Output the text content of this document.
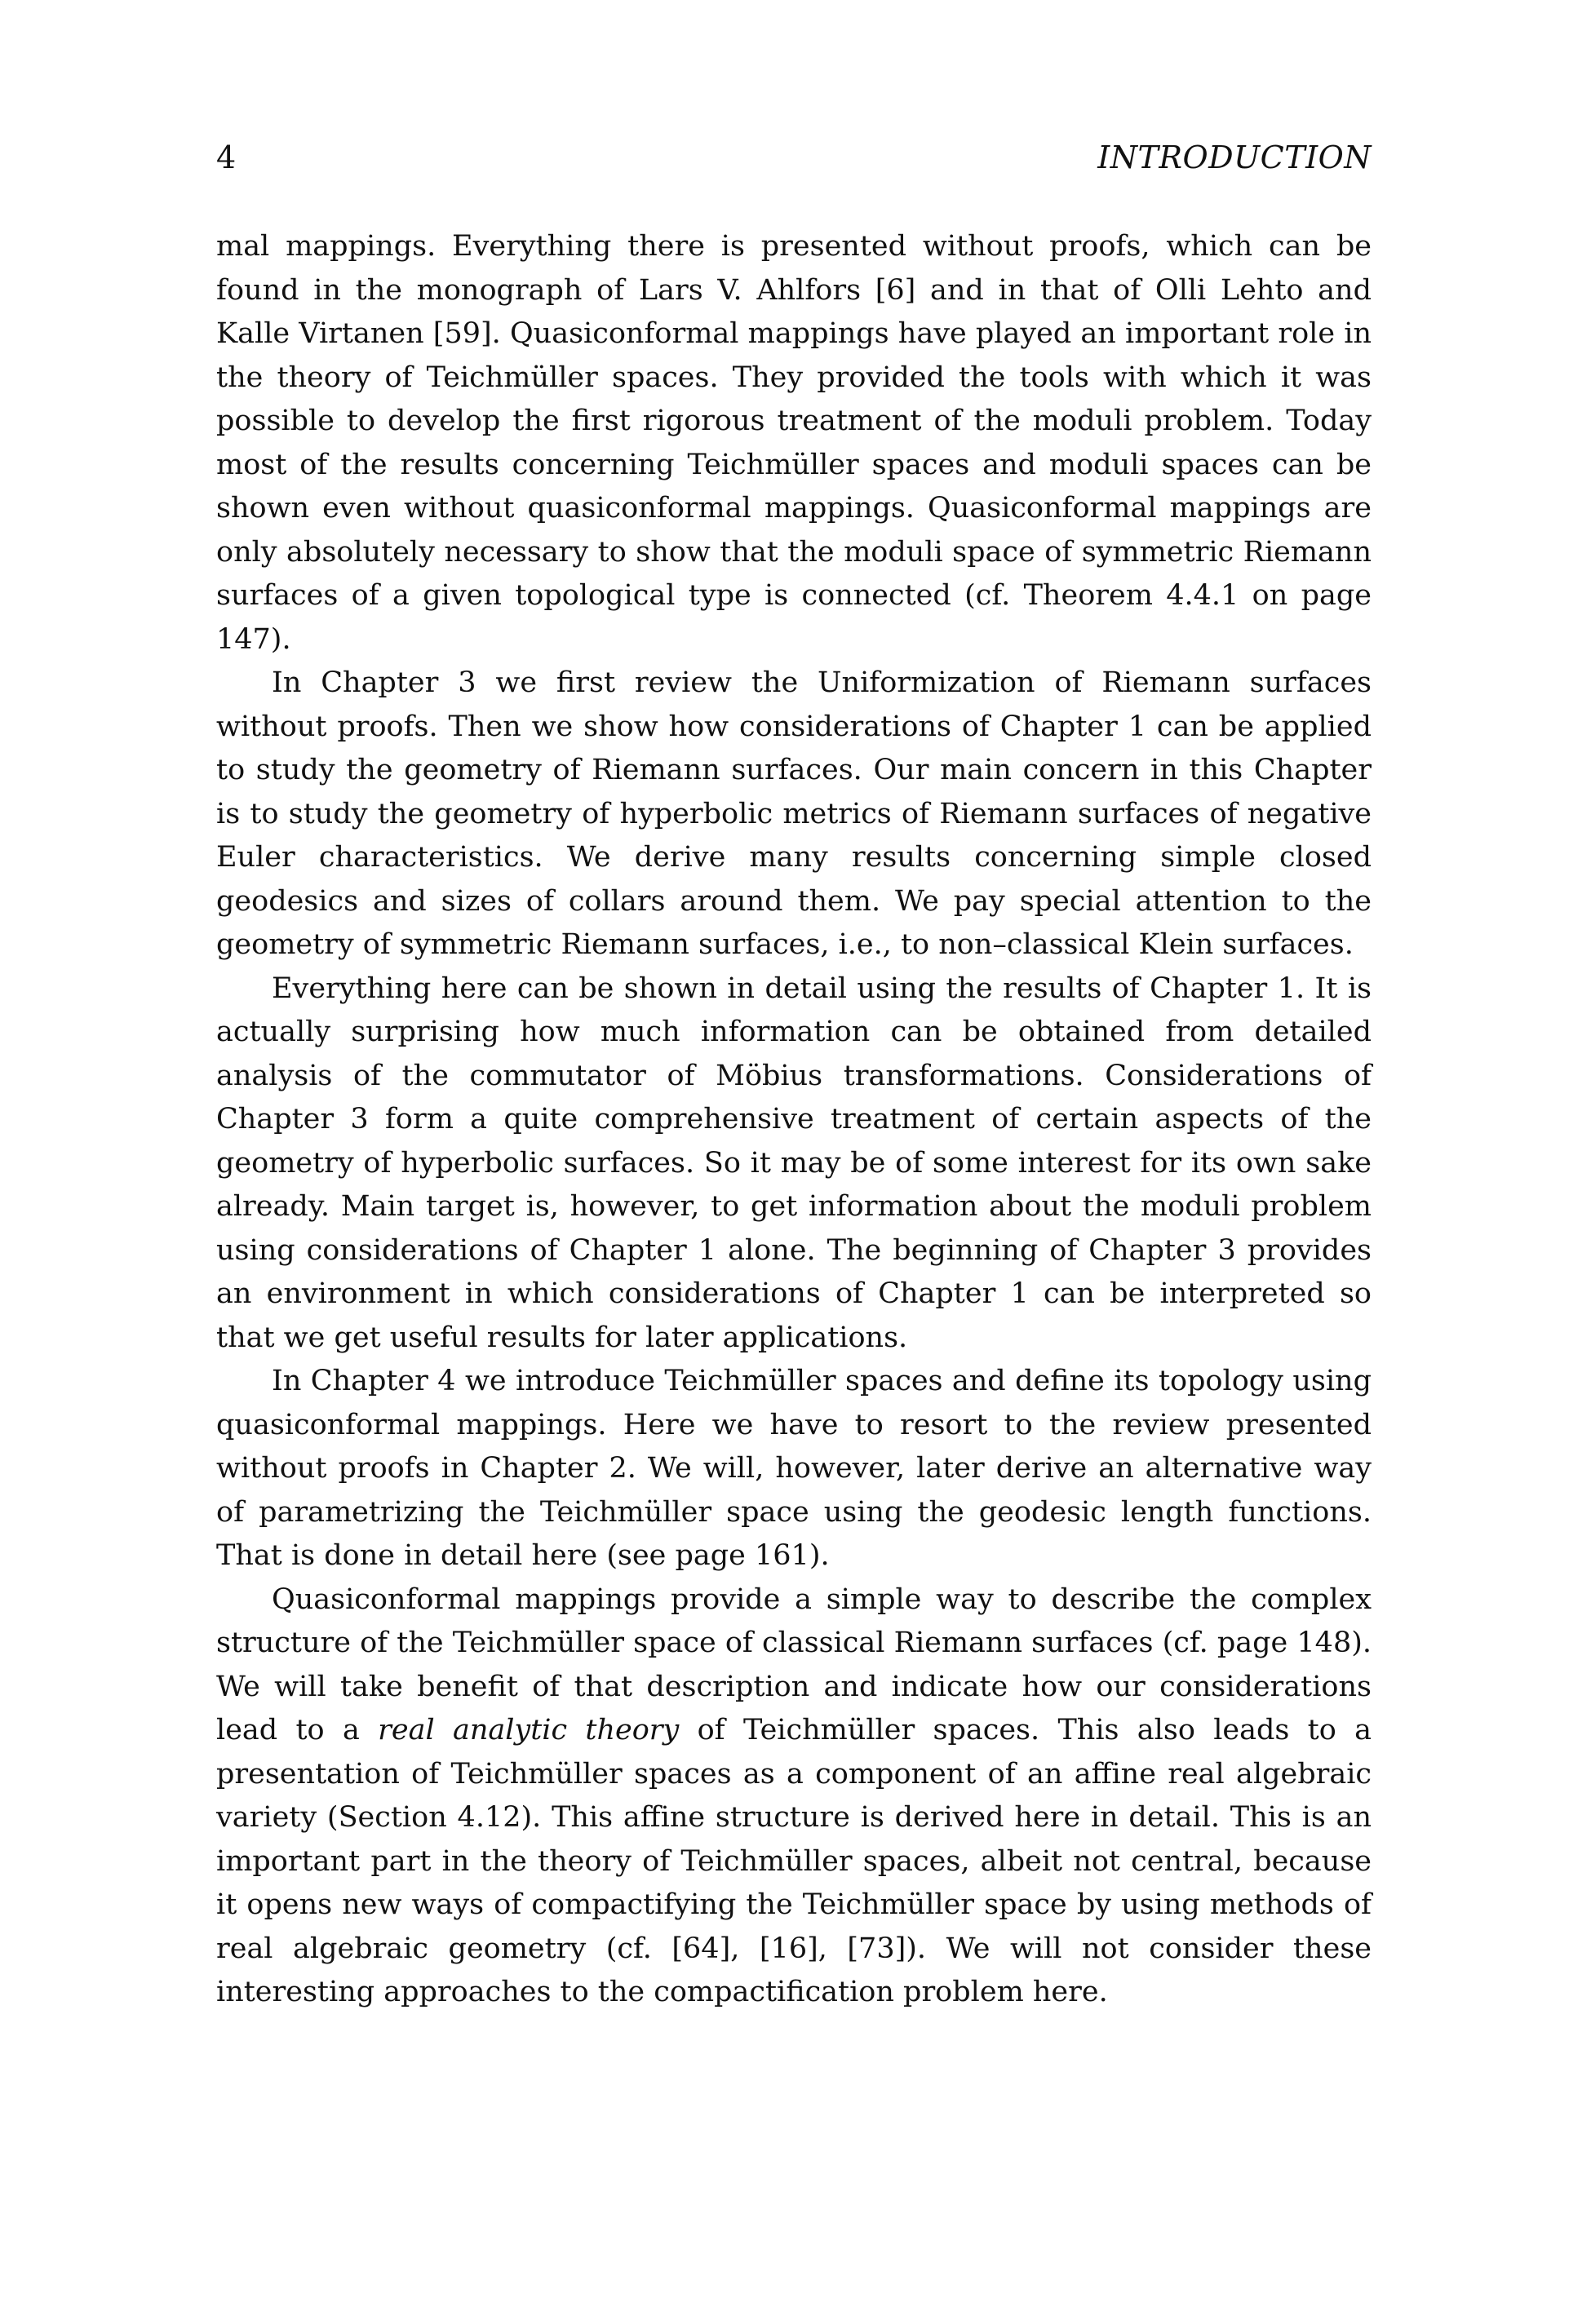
4	INTRODUCTION

mal mappings. Everything there is presented without proofs, which can be found in the monograph of Lars V. Ahlfors [6] and in that of Olli Lehto and Kalle Virtanen [59]. Quasiconformal mappings have played an important role in the theory of Teichmüller spaces. They provided the tools with which it was possible to develop the first rigorous treatment of the moduli problem. Today most of the results concerning Teichmüller spaces and moduli spaces can be shown even without quasiconformal mappings. Quasiconformal mappings are only absolutely necessary to show that the moduli space of symmetric Riemann surfaces of a given topological type is connected (cf. Theorem 4.4.1 on page 147).

In Chapter 3 we first review the Uniformization of Riemann surfaces without proofs. Then we show how considerations of Chapter 1 can be applied to study the geometry of Riemann surfaces. Our main concern in this Chapter is to study the geometry of hyperbolic metrics of Riemann surfaces of negative Euler characteristics. We derive many results concerning simple closed geodesics and sizes of collars around them. We pay special attention to the geometry of symmetric Riemann surfaces, i.e., to non–classical Klein surfaces.

Everything here can be shown in detail using the results of Chapter 1. It is actually surprising how much information can be obtained from detailed analysis of the commutator of Möbius transformations. Considerations of Chapter 3 form a quite comprehensive treatment of certain aspects of the geometry of hyperbolic surfaces. So it may be of some interest for its own sake already. Main target is, however, to get information about the moduli problem using considerations of Chapter 1 alone. The beginning of Chapter 3 provides an environment in which considerations of Chapter 1 can be interpreted so that we get useful results for later applications.

In Chapter 4 we introduce Teichmüller spaces and define its topology using quasiconformal mappings. Here we have to resort to the review presented without proofs in Chapter 2. We will, however, later derive an alternative way of parametrizing the Teichmüller space using the geodesic length functions. That is done in detail here (see page 161).

Quasiconformal mappings provide a simple way to describe the complex structure of the Teichmüller space of classical Riemann surfaces (cf. page 148). We will take benefit of that description and indicate how our considerations lead to a real analytic theory of Teichmüller spaces. This also leads to a presentation of Teichmüller spaces as a component of an affine real algebraic variety (Section 4.12). This affine structure is derived here in detail. This is an important part in the theory of Teichmüller spaces, albeit not central, because it opens new ways of compactifying the Teichmüller space by using methods of real algebraic geometry (cf. [64], [16], [73]). We will not consider these interesting approaches to the compactification problem here.
